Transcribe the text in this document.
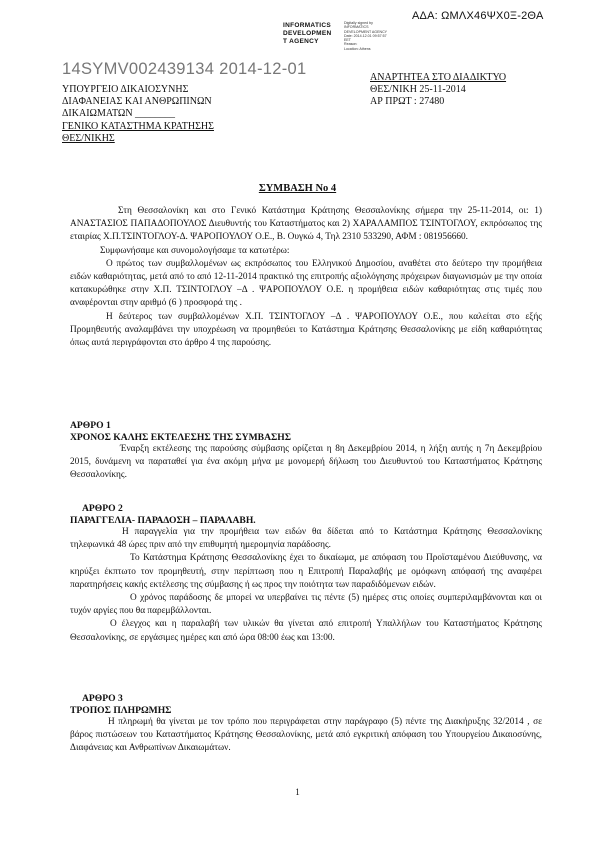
ΑΔΑ: ΩΜΛΧ46ΨΧ0Ξ-2ΘΑ
INFORMATICS
DEVELOPMEN
T AGENCY
Digitally signed by
INFORMATICS
DEVELOPMENT AGENCY
Date: 2014.12.01 09:57:57
EET
Reason:
Location: Athens
14SYMV002439134 2014-12-01
ΥΠΟΥΡΓΕΙΟ ΔΙΚΑΙΟΣΥΝΗΣ
ΔΙΑΦΑΝΕΙΑΣ ΚΑΙ ΑΝΘΡΩΠΙΝΩΝ
ΔΙΚΑΙΩΜΑΤΩΝ ________
ΓΕΝΙΚΟ ΚΑΤΑΣΤΗΜΑ ΚΡΑΤΗΣΗΣ
ΘΕΣ/ΝΙΚΗΣ
ΑΝΑΡΤΗΤΕΑ ΣΤΟ ΔΙΑΔΙΚΤΥΟ
ΘΕΣ/ΝΙΚΗ 25-11-2014
ΑΡ ΠΡΩΤ : 27480
ΣΥΜΒΑΣΗ Νο 4
Στη Θεσσαλονίκη και στο Γενικό Κατάστημα Κράτησης Θεσσαλονίκης σήμερα την 25-11-2014, οι: 1) ΑΝΑΣΤΑΣΙΟΣ ΠΑΠΑΔΟΠΟΥΛΟΣ Διευθυντής του Καταστήματος και 2) ΧΑΡΑΛΑΜΠΟΣ ΤΣΙΝΤΟΓΛΟΥ, εκπρόσωπος της εταιρίας Χ.Π.ΤΣΙΝΤΟΓΛΟΥ-Δ. ΨΑΡΟΠΟΥΛΟΥ Ο.Ε., Β. Ουγκώ 4, Τηλ 2310 533290, ΑΦΜ : 081956660.
Συμφωνήσαμε και συνομολογήσαμε τα κατωτέρω:
Ο πρώτος των συμβαλλομένων ως εκπρόσωπος του Ελληνικού Δημοσίου, αναθέτει στο δεύτερο την προμήθεια ειδών καθαριότητας, μετά από το από 12-11-2014 πρακτικό της επιτροπής αξιολόγησης πρόχειρων διαγωνισμών με την οποία κατακυρώθηκε στην Χ.Π. ΤΣΙΝΤΟΓΛΟΥ –Δ . ΨΑΡΟΠΟΥΛΟΥ Ο.Ε. η προμήθεια ειδών καθαριότητας στις τιμές που αναφέρονται στην αριθμό (6 ) προσφορά της .
Η δεύτερος των συμβαλλομένων Χ.Π. ΤΣΙΝΤΟΓΛΟΥ –Δ . ΨΑΡΟΠΟΥΛΟΥ Ο.Ε., που καλείται στο εξής Προμηθευτής αναλαμβάνει την υποχρέωση να προμηθεύει το Κατάστημα Κράτησης Θεσσαλονίκης με είδη καθαριότητας όπως αυτά περιγράφονται στο άρθρο 4 της παρούσης.
ΑΡΘΡΟ 1
ΧΡΟΝΟΣ ΚΑΛΗΣ ΕΚΤΕΛΕΣΗΣ ΤΗΣ ΣΥΜΒΑΣΗΣ
Έναρξη εκτέλεσης της παρούσης σύμβασης ορίζεται η 8η Δεκεμβρίου 2014, η λήξη αυτής η 7η Δεκεμβρίου 2015, δυνάμενη να παραταθεί για ένα ακόμη μήνα με μονομερή δήλωση του Διευθυντού του Καταστήματος Κράτησης Θεσσαλονίκης.
ΑΡΘΡΟ 2
ΠΑΡΑΓΓΕΛΙΑ- ΠΑΡΑΔΟΣΗ – ΠΑΡΑΛΑΒΗ.
Η παραγγελία για την προμήθεια των ειδών θα δίδεται από το Κατάστημα Κράτησης Θεσσαλονίκης τηλεφωνικά 48 ώρες πριν από την επιθυμητή ημερομηνία παράδοσης.
Το Κατάστημα Κράτησης Θεσσαλονίκης έχει το δικαίωμα, με απόφαση του Προϊσταμένου Διεύθυνσης, να κηρύξει έκπτωτο τον προμηθευτή, στην περίπτωση που η Επιτροπή Παραλαβής με ομόφωνη απόφασή της αναφέρει παρατηρήσεις κακής εκτέλεσης της σύμβασης ή ως προς την ποιότητα των παραδιδόμενων ειδών.
Ο χρόνος παράδοσης δε μπορεί να υπερβαίνει τις πέντε (5) ημέρες στις οποίες συμπεριλαμβάνονται και οι τυχόν αργίες που θα παρεμβάλλονται.
Ο έλεγχος και η παραλαβή των υλικών θα γίνεται από επιτροπή Υπαλλήλων του Καταστήματος Κράτησης Θεσσαλονίκης, σε εργάσιμες ημέρες και από ώρα 08:00 έως και 13:00.
ΑΡΘΡΟ 3
ΤΡΟΠΟΣ ΠΛΗΡΩΜΗΣ
Η πληρωμή θα γίνεται με τον τρόπο που περιγράφεται στην παράγραφο (5) πέντε της Διακήρυξης 32/2014 , σε βάρος πιστώσεων του Καταστήματος Κράτησης Θεσσαλονίκης, μετά από εγκριτική απόφαση του Υπουργείου Δικαιοσύνης, Διαφάνειας και Ανθρωπίνων Δικαιωμάτων.
1
